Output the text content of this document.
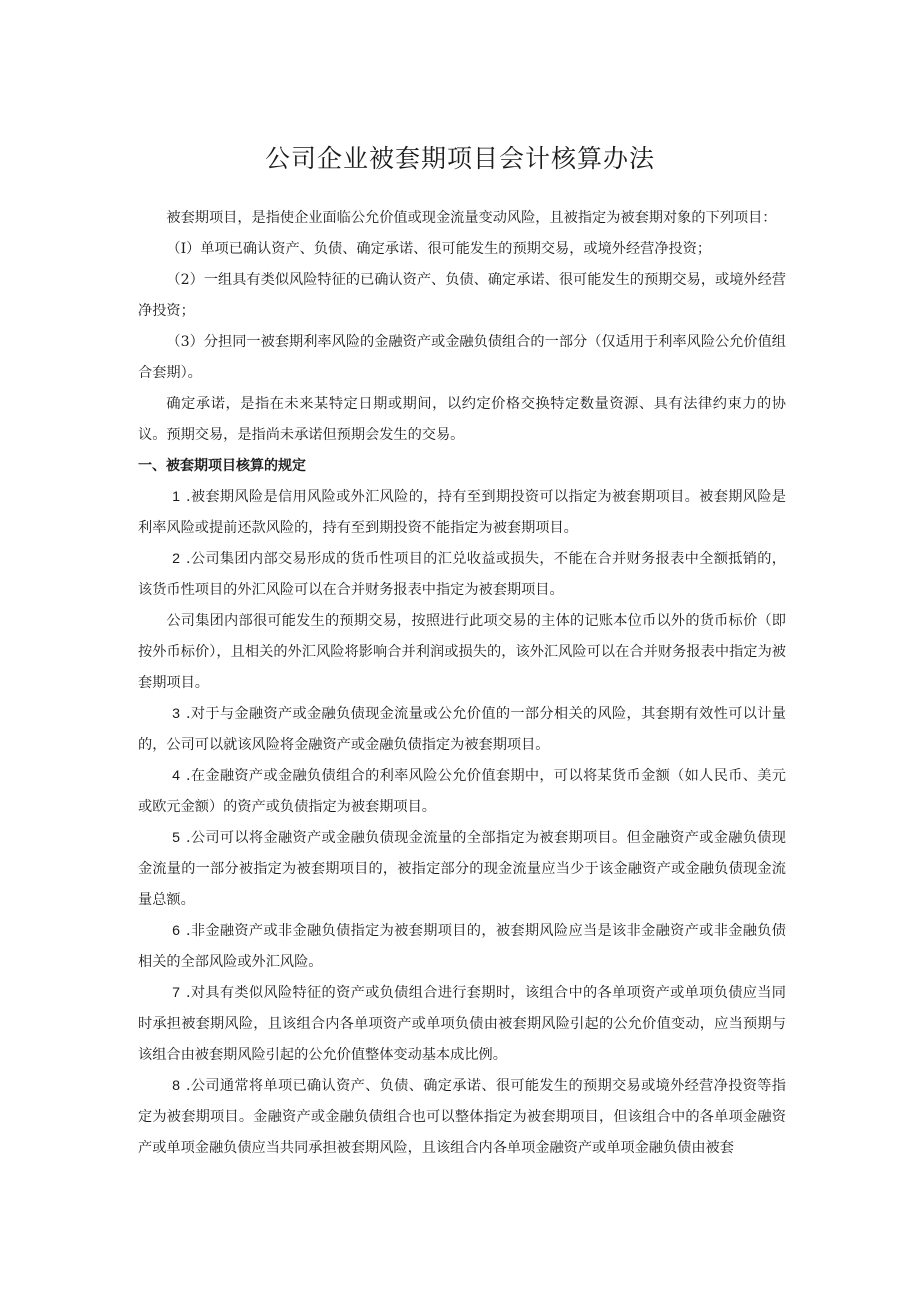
公司企业被套期项目会计核算办法

被套期项目，是指使企业面临公允价值或现金流量变动风险，且被指定为被套期对象的下列项目：

（I）单项已确认资产、负债、确定承诺、很可能发生的预期交易，或境外经营净投资；

（2）一组具有类似风险特征的已确认资产、负债、确定承诺、很可能发生的预期交易，或境外经营净投资；

（3）分担同一被套期利率风险的金融资产或金融负债组合的一部分（仅适用于利率风险公允价值组合套期）。

确定承诺，是指在未来某特定日期或期间，以约定价格交换特定数量资源、具有法律约束力的协议。预期交易，是指尚未承诺但预期会发生的交易。

一、被套期项目核算的规定

1 .被套期风险是信用风险或外汇风险的，持有至到期投资可以指定为被套期项目。被套期风险是利率风险或提前还款风险的，持有至到期投资不能指定为被套期项目。

2 .公司集团内部交易形成的货币性项目的汇兑收益或损失，不能在合并财务报表中全额抵销的，该货币性项目的外汇风险可以在合并财务报表中指定为被套期项目。

公司集团内部很可能发生的预期交易，按照进行此项交易的主体的记账本位币以外的货币标价（即按外币标价），且相关的外汇风险将影响合并利润或损失的，该外汇风险可以在合并财务报表中指定为被套期项目。

3 .对于与金融资产或金融负债现金流量或公允价值的一部分相关的风险，其套期有效性可以计量的，公司可以就该风险将金融资产或金融负债指定为被套期项目。

4 .在金融资产或金融负债组合的利率风险公允价值套期中，可以将某货币金额（如人民币、美元或欧元金额）的资产或负债指定为被套期项目。

5 .公司可以将金融资产或金融负债现金流量的全部指定为被套期项目。但金融资产或金融负债现金流量的一部分被指定为被套期项目的，被指定部分的现金流量应当少于该金融资产或金融负债现金流量总额。

6 .非金融资产或非金融负债指定为被套期项目的，被套期风险应当是该非金融资产或非金融负债相关的全部风险或外汇风险。

7 .对具有类似风险特征的资产或负债组合进行套期时，该组合中的各单项资产或单项负债应当同时承担被套期风险，且该组合内各单项资产或单项负债由被套期风险引起的公允价值变动，应当预期与该组合由被套期风险引起的公允价值整体变动基本成比例。

8 .公司通常将单项已确认资产、负债、确定承诺、很可能发生的预期交易或境外经营净投资等指定为被套期项目。金融资产或金融负债组合也可以整体指定为被套期项目，但该组合中的各单项金融资产或单项金融负债应当共同承担被套期风险，且该组合内各单项金融资产或单项金融负债由被套
